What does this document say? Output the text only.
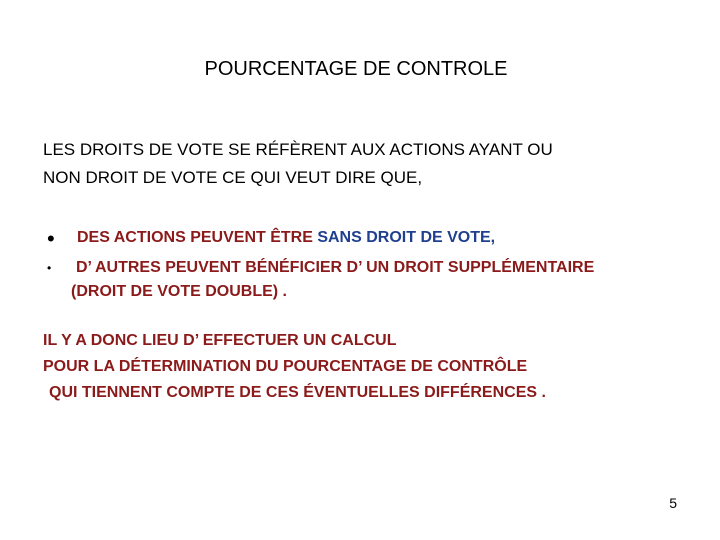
POURCENTAGE DE CONTROLE
LES DROITS DE VOTE SE RÉFÈRENT AUX ACTIONS AYANT OU
NON DROIT DE VOTE CE QUI VEUT DIRE QUE,
• DES ACTIONS PEUVENT ÊTRE SANS DROIT DE VOTE,
• D’ AUTRES PEUVENT BÉNÉFICIER D’ UN DROIT SUPPLÉMENTAIRE
(DROIT DE VOTE DOUBLE) .
IL Y A DONC LIEU D’ EFFECTUER UN CALCUL
POUR LA DÉTERMINATION DU POURCENTAGE DE CONTRÔLE
QUI TIENNENT COMPTE DE CES ÉVENTUELLES DIFFÉRENCES .
5
